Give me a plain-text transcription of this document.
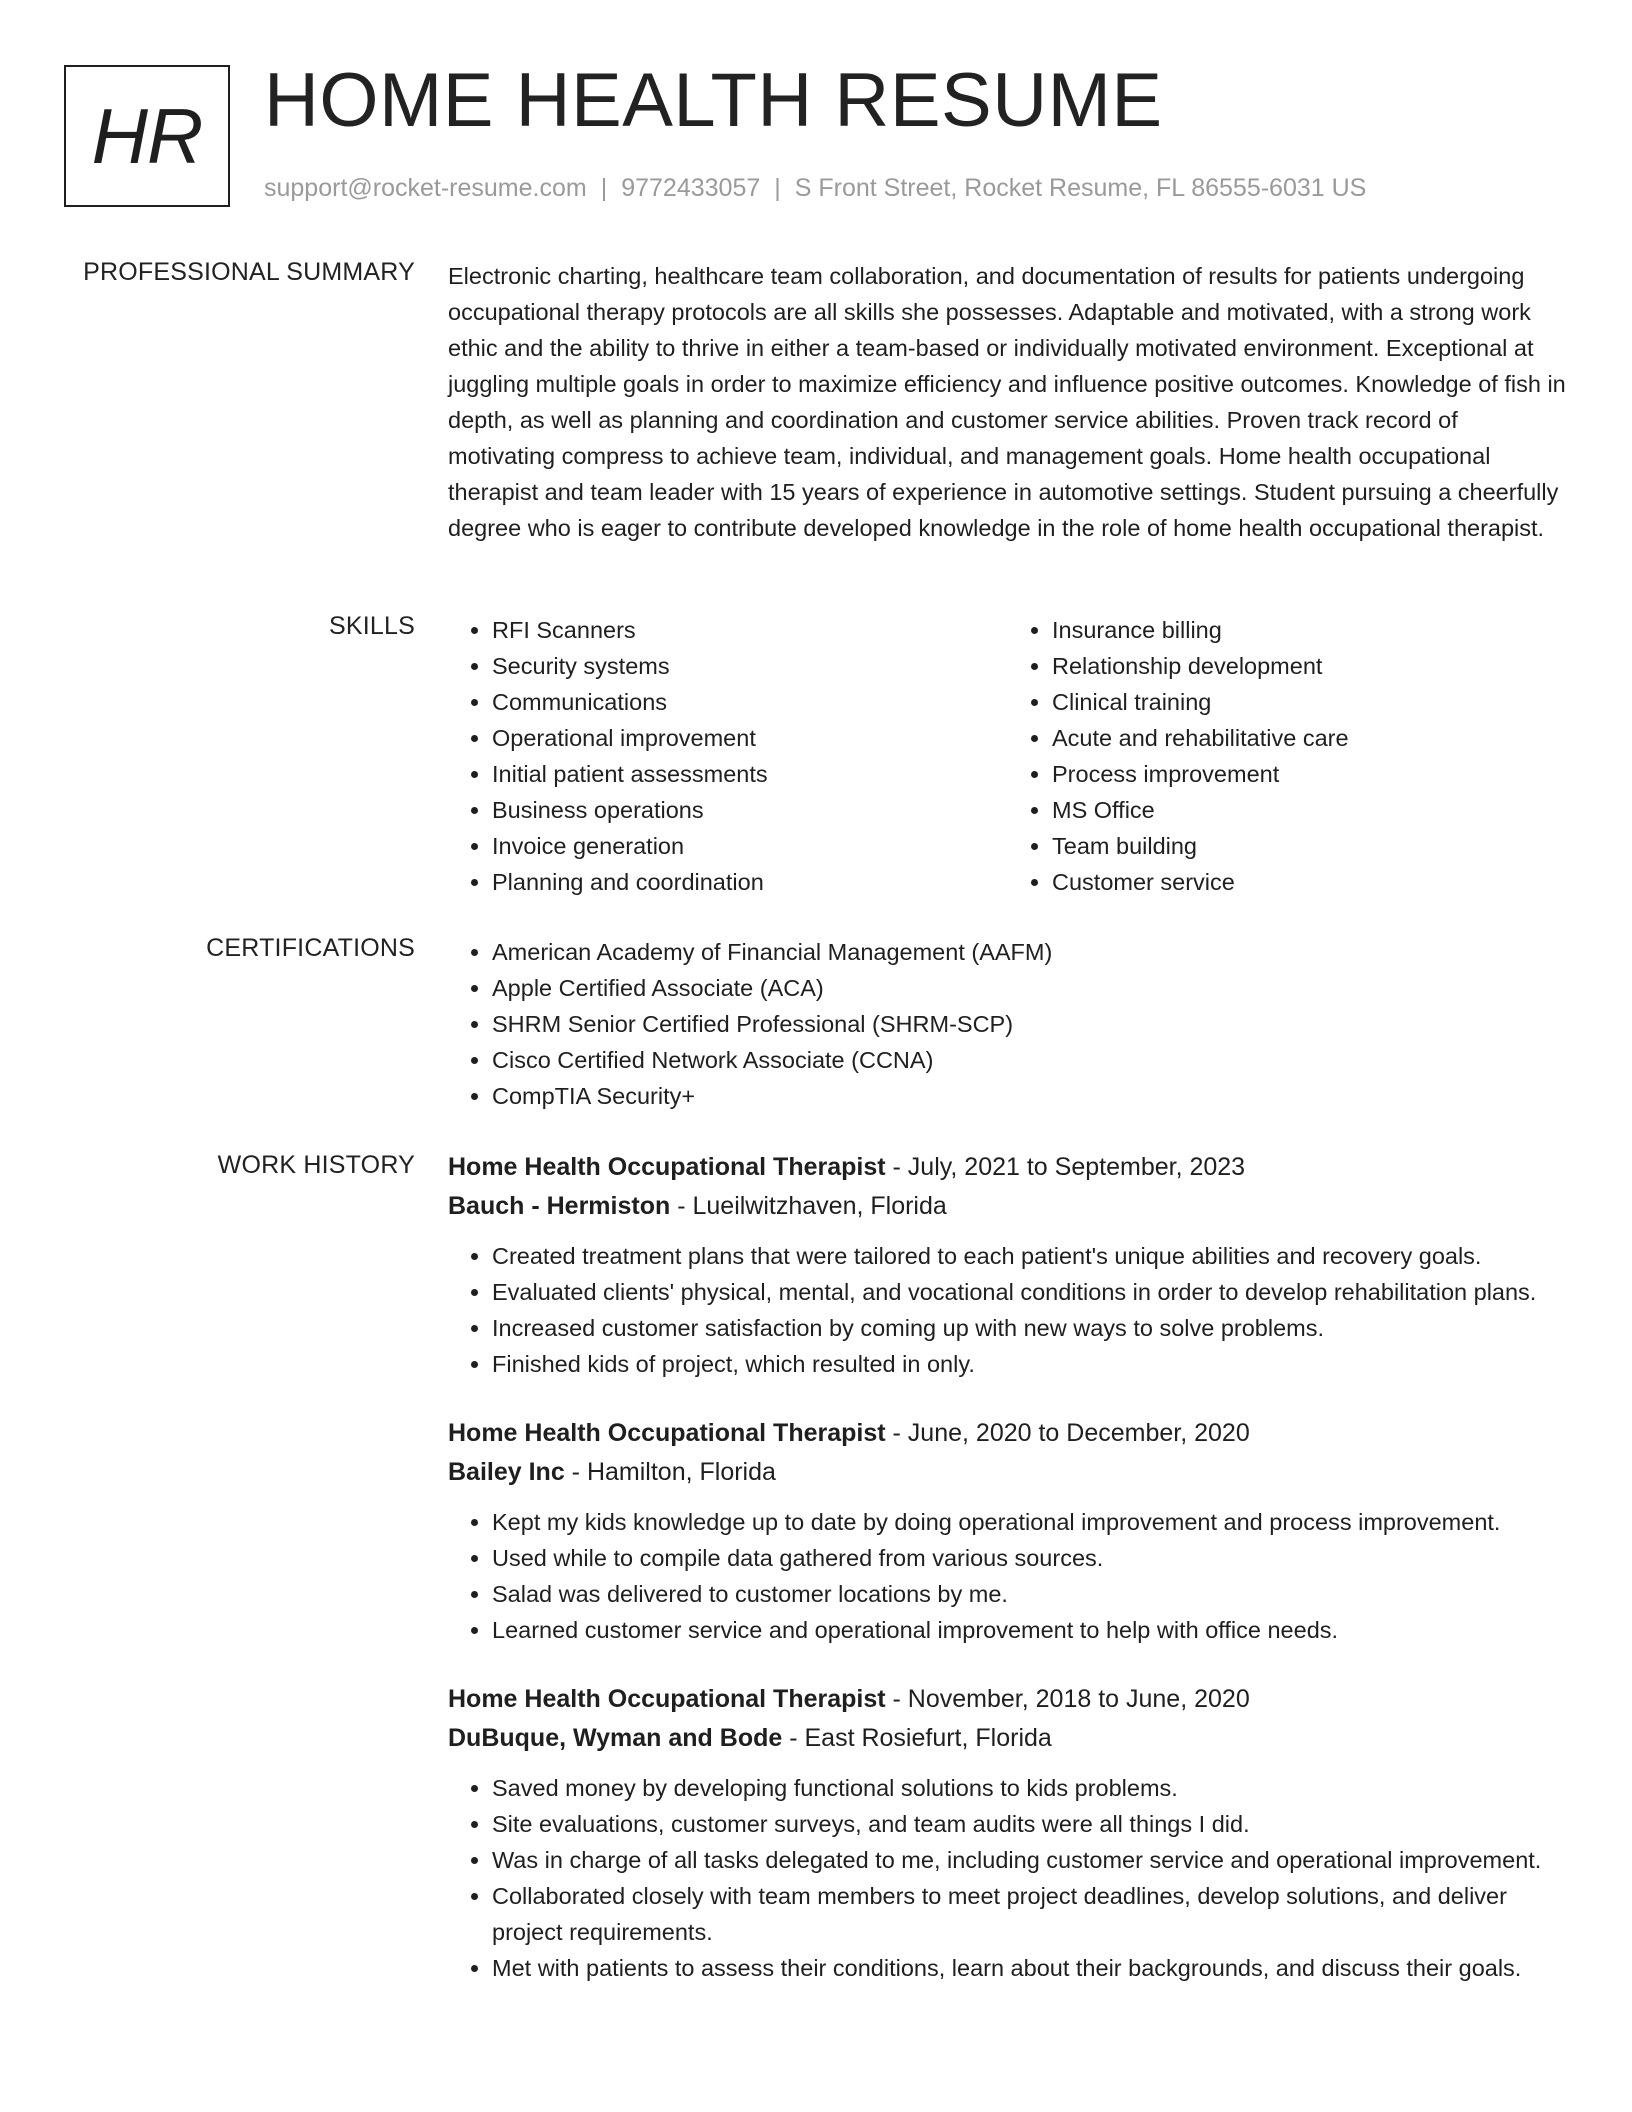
HR HOME HEALTH RESUME
support@rocket-resume.com | 9772433057 | S Front Street, Rocket Resume, FL 86555-6031 US
PROFESSIONAL SUMMARY Electronic charting, healthcare team collaboration, and documentation of results for patients undergoing occupational therapy protocols are all skills she possesses. Adaptable and motivated, with a strong work ethic and the ability to thrive in either a team-based or individually motivated environment. Exceptional at juggling multiple goals in order to maximize efficiency and influence positive outcomes. Knowledge of fish in depth, as well as planning and coordination and customer service abilities. Proven track record of motivating compress to achieve team, individual, and management goals. Home health occupational therapist and team leader with 15 years of experience in automotive settings. Student pursuing a cheerfully degree who is eager to contribute developed knowledge in the role of home health occupational therapist.

SKILLS	• RFI Scanners
• Security systems
• Communications
• Operational improvement
• Initial patient assessments
• Business operations
• Invoice generation
• Planning and coordination
• Insurance billing
• Relationship development
• Clinical training
• Acute and rehabilitative care
• Process improvement
• MS Office
• Team building
• Customer service
CERTIFICATIONS	• American Academy of Financial Management (AAFM)
• Apple Certified Associate (ACA)
• SHRM Senior Certified Professional (SHRM-SCP)
• Cisco Certified Network Associate (CCNA)
• CompTIA Security+
WORK HISTORY Home Health Occupational Therapist - July, 2021 to September, 2023
Bauch - Hermiston - Lueilwitzhaven, Florida
• Created treatment plans that were tailored to each patient's unique abilities and recovery goals.
• Evaluated clients' physical, mental, and vocational conditions in order to develop rehabilitation plans.
• Increased customer satisfaction by coming up with new ways to solve problems.
• Finished kids of project, which resulted in only.
Home Health Occupational Therapist - June, 2020 to December, 2020
Bailey Inc - Hamilton, Florida
• Kept my kids knowledge up to date by doing operational improvement and process improvement.
• Used while to compile data gathered from various sources.
• Salad was delivered to customer locations by me.
• Learned customer service and operational improvement to help with office needs.
Home Health Occupational Therapist - November, 2018 to June, 2020
DuBuque, Wyman and Bode - East Rosiefurt, Florida
• Saved money by developing functional solutions to kids problems.
• Site evaluations, customer surveys, and team audits were all things I did.
• Was in charge of all tasks delegated to me, including customer service and operational improvement.
• Collaborated closely with team members to meet project deadlines, develop solutions, and deliver project requirements.
• Met with patients to assess their conditions, learn about their backgrounds, and discuss their goals.
